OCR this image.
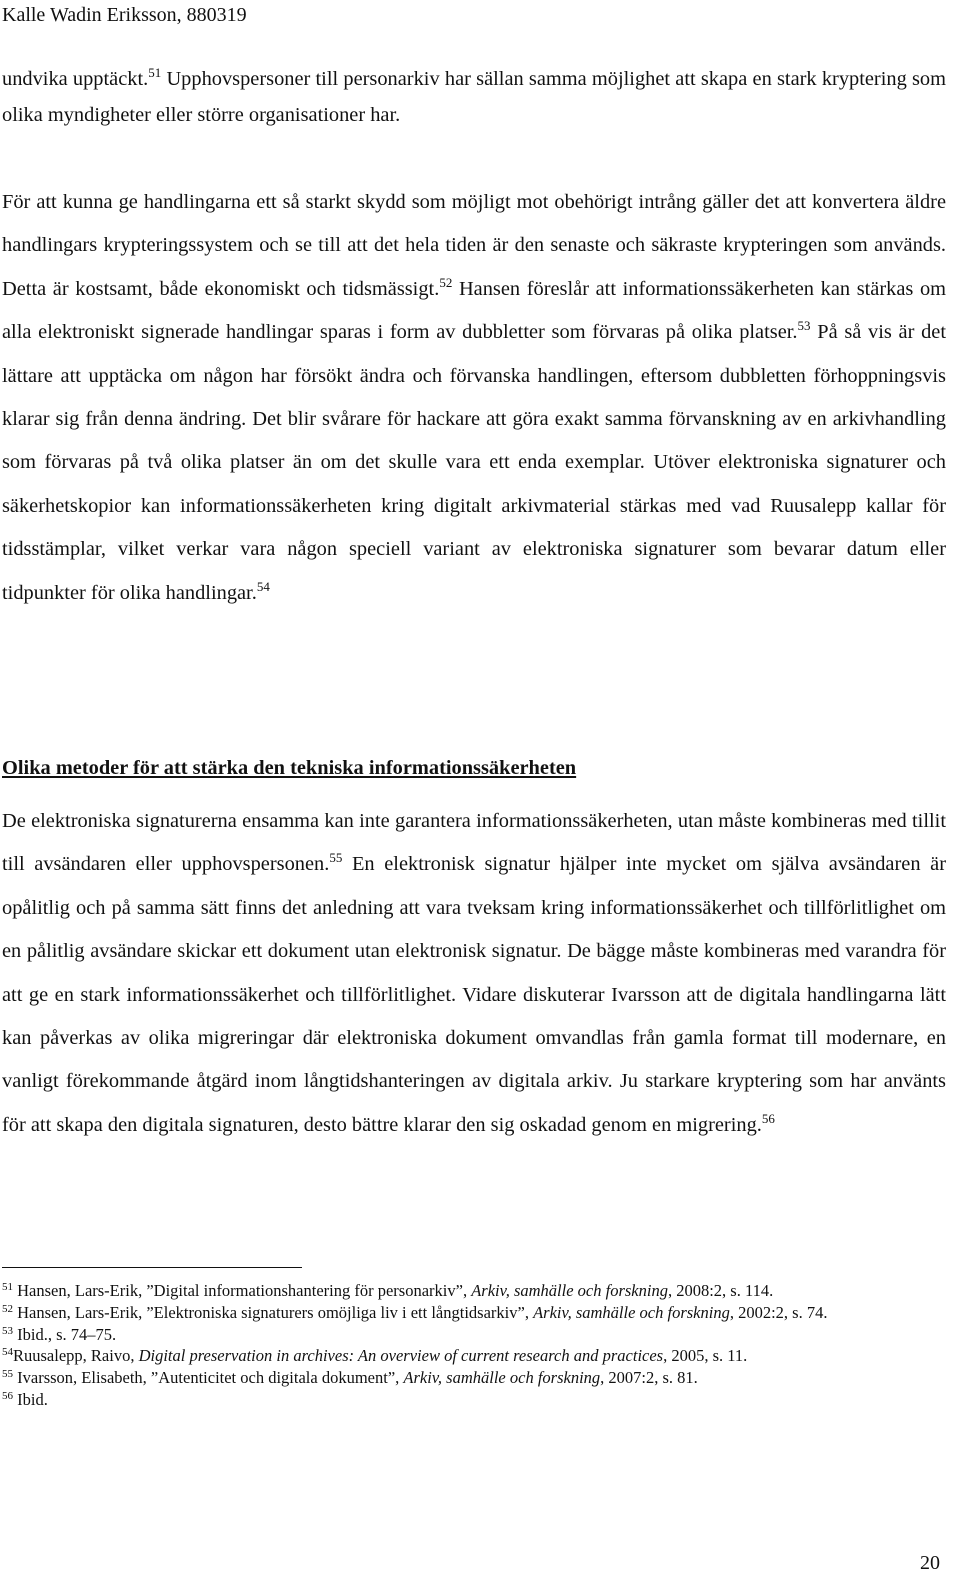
Kalle Wadin Eriksson, 880319
undvika upptäckt.$^{51}$ Upphovspersoner till personarkiv har sällan samma möjlighet att skapa en stark kryptering som olika myndigheter eller större organisationer har.
För att kunna ge handlingarna ett så starkt skydd som möjligt mot obehörigt intrång gäller det att konvertera äldre handlingars krypteringssystem och se till att det hela tiden är den senaste och säkraste krypteringen som används. Detta är kostsamt, både ekonomiskt och tidsmässigt.$^{52}$ Hansen föreslår att informationssäkerheten kan stärkas om alla elektroniskt signerade handlingar sparas i form av dubbletter som förvaras på olika platser.$^{53}$ På så vis är det lättare att upptäcka om någon har försökt ändra och förvanska handlingen, eftersom dubbletten förhoppningsvis klarar sig från denna ändring. Det blir svårare för hackare att göra exakt samma förvanskning av en arkivhandling som förvaras på två olika platser än om det skulle vara ett enda exemplar. Utöver elektroniska signaturer och säkerhetskopior kan informationssäkerheten kring digitalt arkivmaterial stärkas med vad Ruusalepp kallar för tidsstämplar, vilket verkar vara någon speciell variant av elektroniska signaturer som bevarar datum eller tidpunkter för olika handlingar.$^{54}$
Olika metoder för att stärka den tekniska informationssäkerheten
De elektroniska signaturerna ensamma kan inte garantera informationssäkerheten, utan måste kombineras med tillit till avsändaren eller upphovspersonen.$^{55}$ En elektronisk signatur hjälper inte mycket om själva avsändaren är opålitlig och på samma sätt finns det anledning att vara tveksam kring informationssäkerhet och tillförlitlighet om en pålitlig avsändare skickar ett dokument utan elektronisk signatur. De bägge måste kombineras med varandra för att ge en stark informationssäkerhet och tillförlitlighet. Vidare diskuterar Ivarsson att de digitala handlingarna lätt kan påverkas av olika migreringar där elektroniska dokument omvandlas från gamla format till modernare, en vanligt förekommande åtgärd inom långtidshanteringen av digitala arkiv. Ju starkare kryptering som har använts för att skapa den digitala signaturen, desto bättre klarar den sig oskadad genom en migrering.$^{56}$
$^{51}$ Hansen, Lars-Erik, ”Digital informationshantering för personarkiv”, Arkiv, samhälle och forskning, 2008:2, s. 114.
$^{52}$ Hansen, Lars-Erik, ”Elektroniska signaturers omöjliga liv i ett långtidsarkiv”, Arkiv, samhälle och forskning, 2002:2, s. 74.
$^{53}$ Ibid., s. 74–75.
$^{54}$Ruusalepp, Raivo, Digital preservation in archives: An overview of current research and practices, 2005, s. 11.
$^{55}$ Ivarsson, Elisabeth, ”Autenticitet och digitala dokument”, Arkiv, samhälle och forskning, 2007:2, s. 81.
$^{56}$ Ibid.
20
